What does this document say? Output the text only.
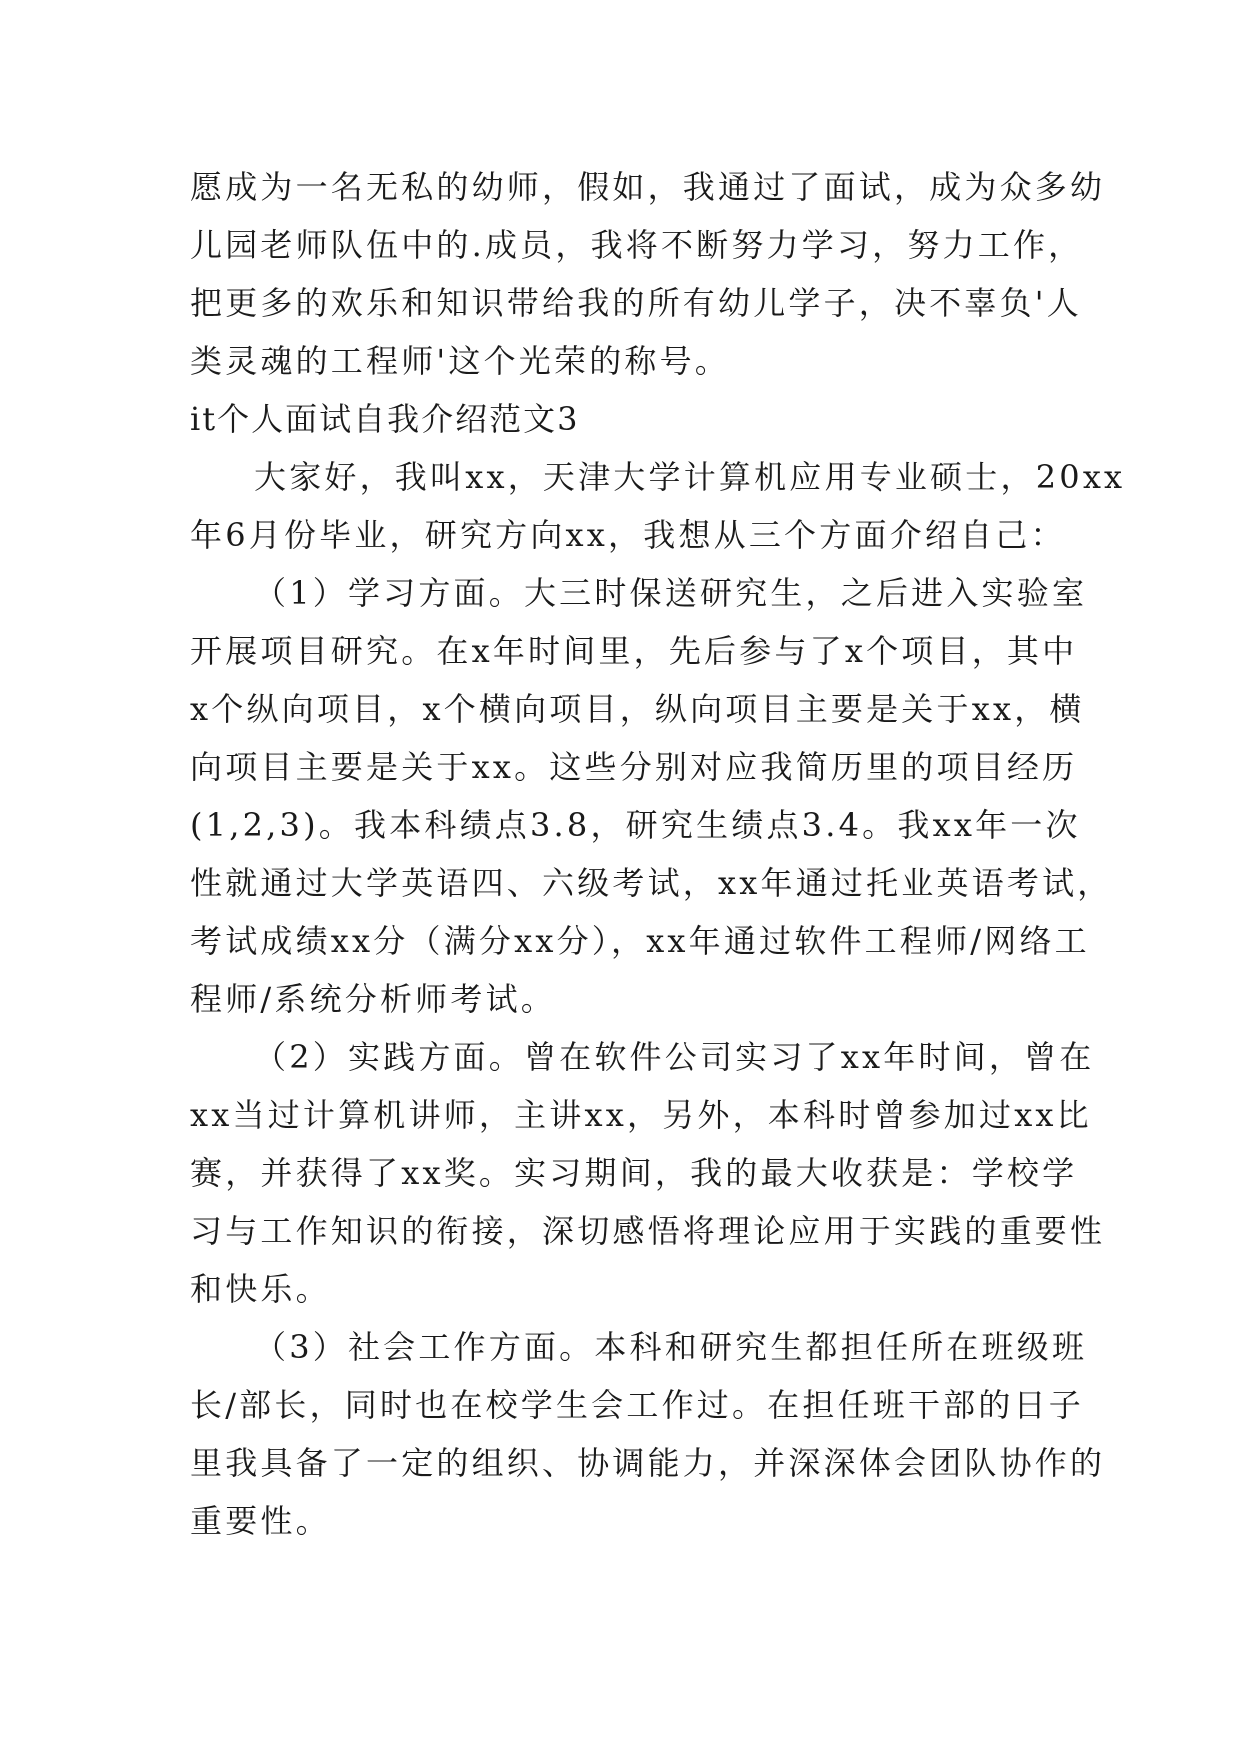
愿成为一名无私的幼师，假如，我通过了面试，成为众多幼
儿园老师队伍中的.成员，我将不断努力学习，努力工作，
把更多的欢乐和知识带给我的所有幼儿学子，决不辜负'人
类灵魂的工程师'这个光荣的称号。
it个人面试自我介绍范文3
大家好，我叫xx，天津大学计算机应用专业硕士，20xx
年6月份毕业，研究方向xx，我想从三个方面介绍自己：
（1）学习方面。大三时保送研究生，之后进入实验室
开展项目研究。在x年时间里，先后参与了x个项目，其中
x个纵向项目，x个横向项目，纵向项目主要是关于xx，横
向项目主要是关于xx。这些分别对应我简历里的项目经历
(1,2,3)。我本科绩点3.8，研究生绩点3.4。我xx年一次
性就通过大学英语四、六级考试，xx年通过托业英语考试，
考试成绩xx分（满分xx分），xx年通过软件工程师/网络工
程师/系统分析师考试。
（2）实践方面。曾在软件公司实习了xx年时间，曾在
xx当过计算机讲师，主讲xx，另外，本科时曾参加过xx比
赛，并获得了xx奖。实习期间，我的最大收获是：学校学
习与工作知识的衔接，深切感悟将理论应用于实践的重要性
和快乐。
（3）社会工作方面。本科和研究生都担任所在班级班
长/部长，同时也在校学生会工作过。在担任班干部的日子
里我具备了一定的组织、协调能力，并深深体会团队协作的
重要性。
